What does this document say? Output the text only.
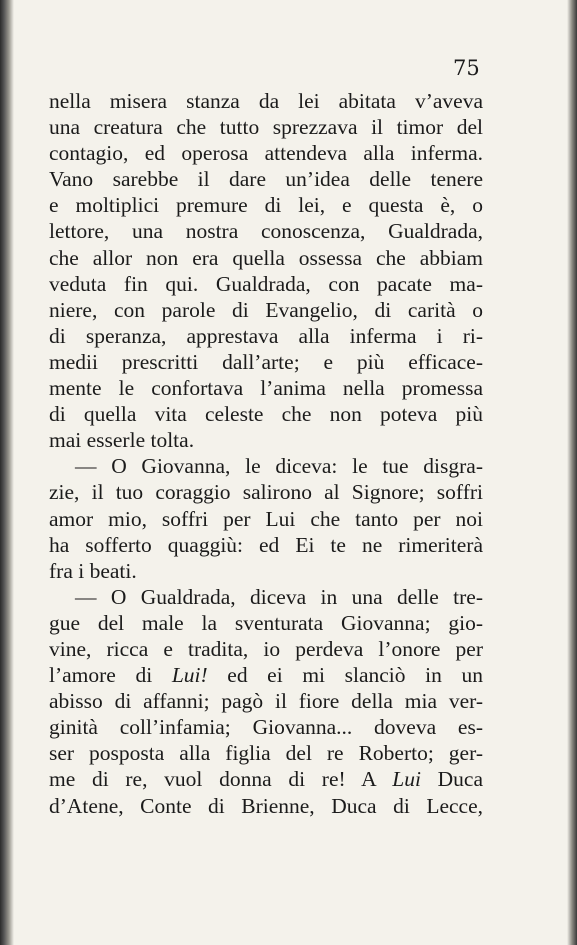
75

nella misera stanza da lei abitata v’aveva
una creatura che tutto sprezzava il timor del
contagio, ed operosa attendeva alla inferma.
Vano sarebbe il dare un’idea delle tenere
e moltiplici premure di lei, e questa è, o
lettore, una nostra conoscenza, Gualdrada,
che allor non era quella ossessa che abbiam
veduta fin qui. Gualdrada, con pacate ma-
niere, con parole di Evangelio, di carità o
di speranza, apprestava alla inferma i ri-
medii prescritti dall’arte; e più efficace-
mente le confortava l’anima nella promessa
di quella vita celeste che non poteva più
mai esserle tolta.
— O Giovanna, le diceva: le tue disgra-
zie, il tuo coraggio salirono al Signore; soffri
amor mio, soffri per Lui che tanto per noi
ha sofferto quaggiù: ed Ei te ne rimeriterà
fra i beati.
— O Gualdrada, diceva in una delle tre-
gue del male la sventurata Giovanna; gio-
vine, ricca e tradita, io perdeva l’onore per
l’amore di Lui! ed ei mi slanciò in un
abisso di affanni; pagò il fiore della mia ver-
ginità coll’infamia; Giovanna... doveva es-
ser posposta alla figlia del re Roberto; ger-
me di re, vuol donna di re! A Lui Duca
d’Atene, Conte di Brienne, Duca di Lecce,
